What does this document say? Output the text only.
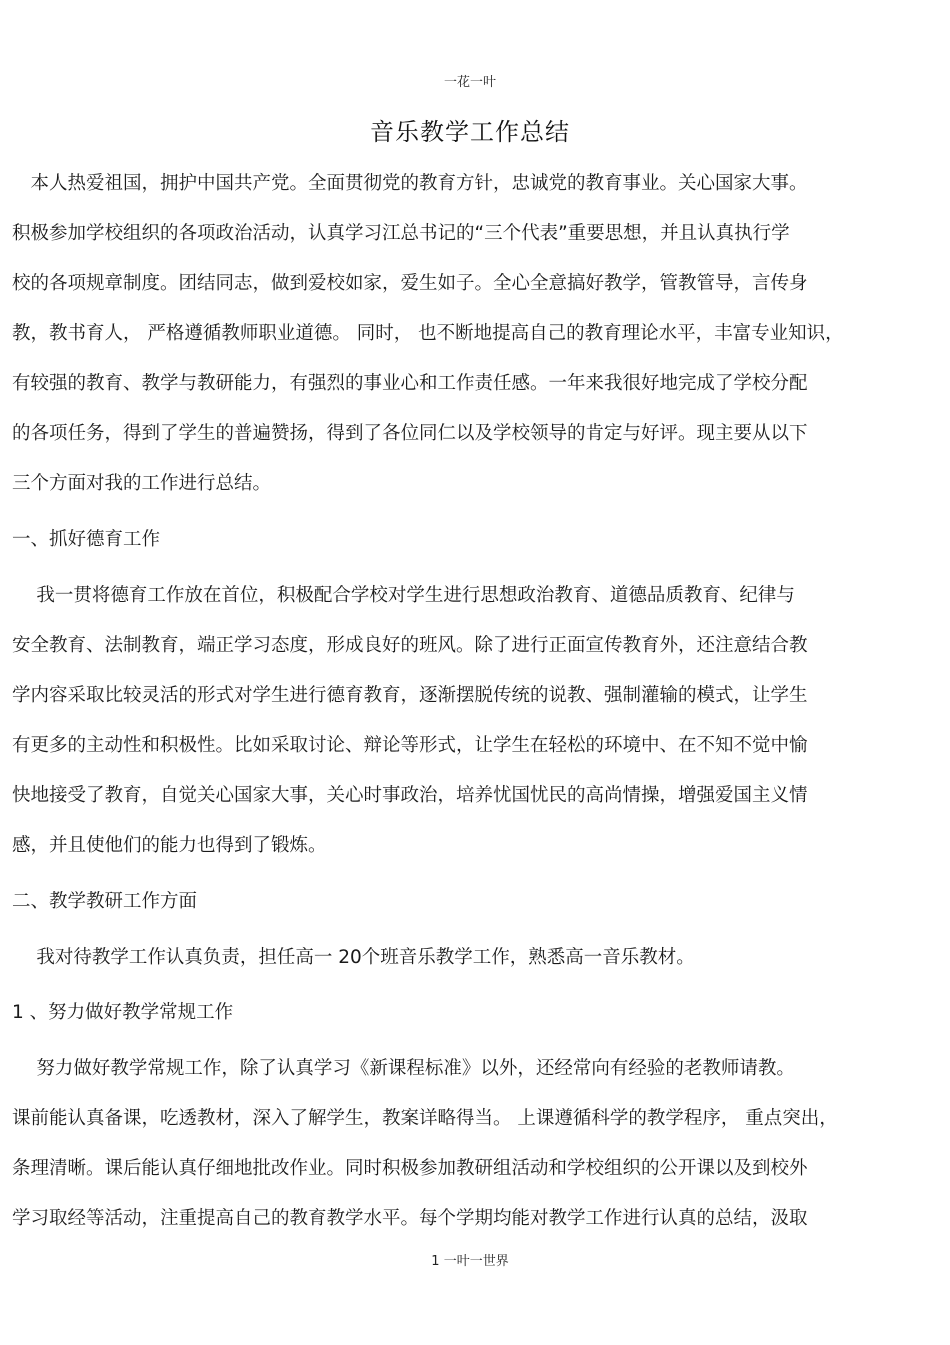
一花一叶
音乐教学工作总结
　本人热爱祖国，拥护中国共产党。全面贯彻党的教育方针，忠诚党的教育事业。关心国家大事。
积极参加学校组织的各项政治活动，认真学习江总书记的“三个代表”重要思想，并且认真执行学
校的各项规章制度。团结同志，做到爱校如家，爱生如子。全心全意搞好教学，管教管导，言传身
教，教书育人， 严格遵循教师职业道德。 同时， 也不断地提高自己的教育理论水平，丰富专业知识，
有较强的教育、教学与教研能力，有强烈的事业心和工作责任感。一年来我很好地完成了学校分配
的各项任务，得到了学生的普遍赞扬，得到了各位同仁以及学校领导的肯定与好评。现主要从以下
三个方面对我的工作进行总结。
一、抓好德育工作
　 我一贯将德育工作放在首位，积极配合学校对学生进行思想政治教育、道德品质教育、纪律与
安全教育、法制教育，端正学习态度，形成良好的班风。除了进行正面宣传教育外，还注意结合教
学内容采取比较灵活的形式对学生进行德育教育，逐渐摆脱传统的说教、强制灌输的模式，让学生
有更多的主动性和积极性。比如采取讨论、辩论等形式，让学生在轻松的环境中、在不知不觉中愉
快地接受了教育，自觉关心国家大事，关心时事政治，培养忧国忧民的高尚情操，增强爱国主义情
感，并且使他们的能力也得到了锻炼。
二、教学教研工作方面
　 我对待教学工作认真负责，担任高一 20个班音乐教学工作，熟悉高一音乐教材。
1 、努力做好教学常规工作
　 努力做好教学常规工作，除了认真学习《新课程标准》以外，还经常向有经验的老教师请教。
课前能认真备课，吃透教材，深入了解学生，教案详略得当。 上课遵循科学的教学程序， 重点突出，
条理清晰。课后能认真仔细地批改作业。同时积极参加教研组活动和学校组织的公开课以及到校外
学习取经等活动，注重提高自己的教育教学水平。每个学期均能对教学工作进行认真的总结，汲取
1 一叶一世界
